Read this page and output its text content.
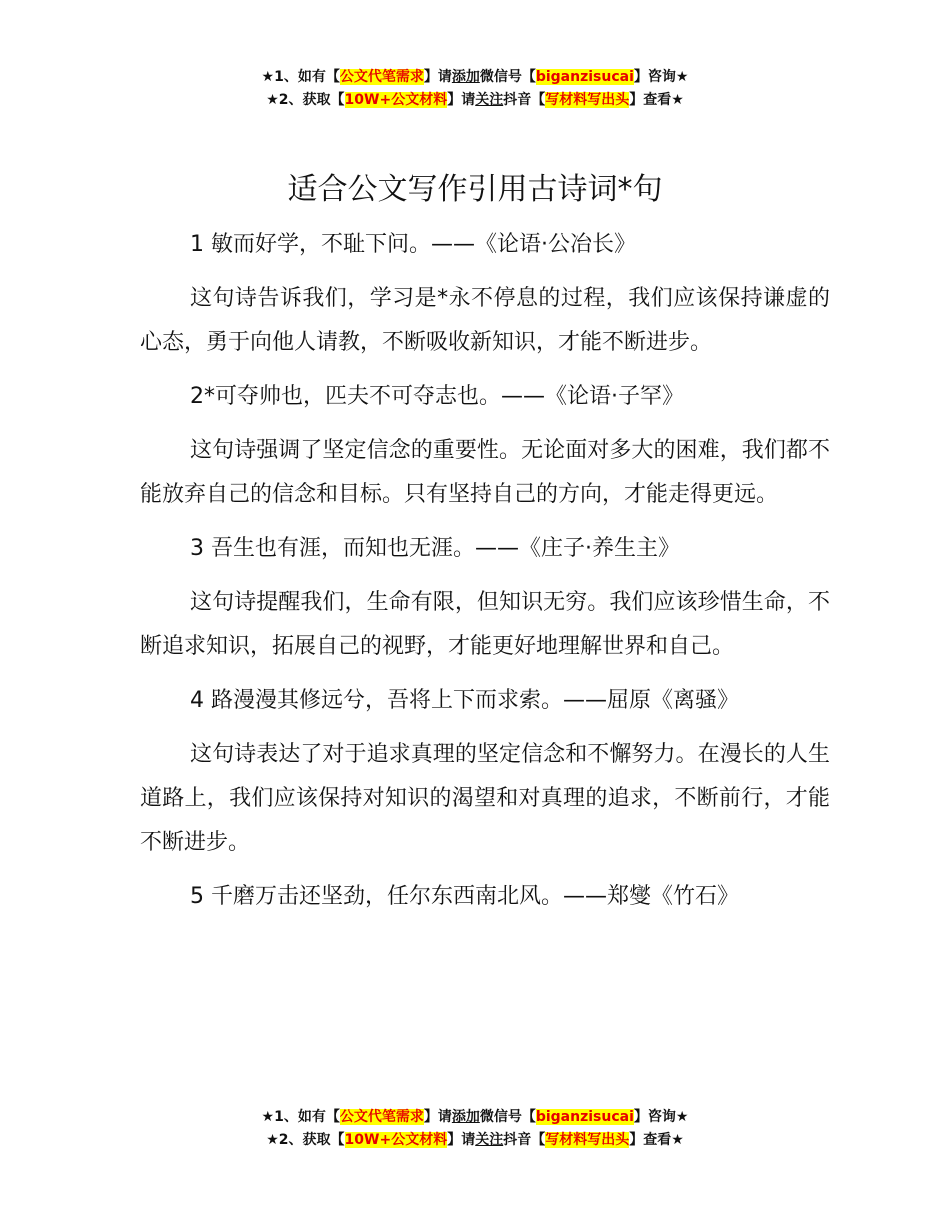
★1、如有【公文代笔需求】请添加微信号【biganzisucai】咨询★
★2、获取【10W+公文材料】请关注抖音【写材料写出头】查看★
适合公文写作引用古诗词*句

1 敏而好学，不耻下问。——《论语·公冶长》

这句诗告诉我们，学习是*永不停息的过程，我们应该保持谦虚的心态，勇于向他人请教，不断吸收新知识，才能不断进步。

2*可夺帅也，匹夫不可夺志也。——《论语·子罕》

这句诗强调了坚定信念的重要性。无论面对多大的困难，我们都不能放弃自己的信念和目标。只有坚持自己的方向，才能走得更远。

3 吾生也有涯，而知也无涯。——《庄子·养生主》

这句诗提醒我们，生命有限，但知识无穷。我们应该珍惜生命，不断追求知识，拓展自己的视野，才能更好地理解世界和自己。

4 路漫漫其修远兮，吾将上下而求索。——屈原《离骚》

这句诗表达了对于追求真理的坚定信念和不懈努力。在漫长的人生道路上，我们应该保持对知识的渴望和对真理的追求，不断前行，才能不断进步。

5 千磨万击还坚劲，任尔东西南北风。——郑燮《竹石》

★1、如有【公文代笔需求】请添加微信号【biganzisucai】咨询★
★2、获取【10W+公文材料】请关注抖音【写材料写出头】查看★
